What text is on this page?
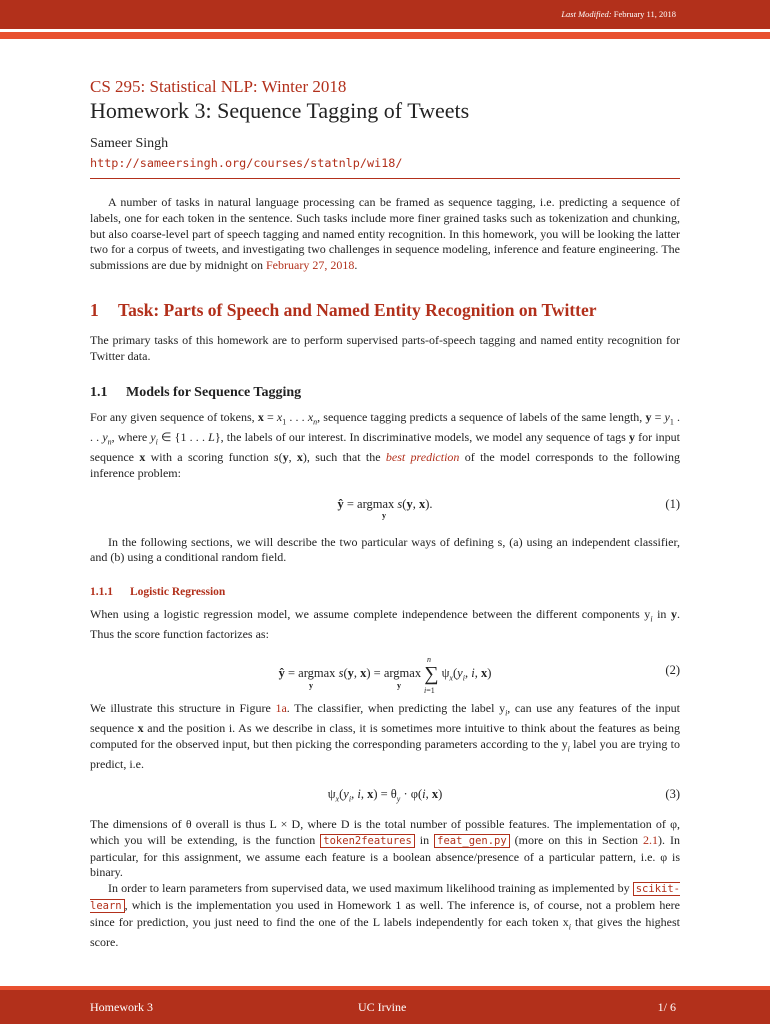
Last Modified: February 11, 2018
CS 295: Statistical NLP: Winter 2018
Homework 3: Sequence Tagging of Tweets
Sameer Singh
http://sameersingh.org/courses/statnlp/wi18/

A number of tasks in natural language processing can be framed as sequence tagging, i.e. predicting a sequence of labels, one for each token in the sentence. Such tasks include more finer grained tasks such as tokenization and chunking, but also coarse-level part of speech tagging and named entity recognition. In this homework, you will be looking the latter two for a corpus of tweets, and investigating two challenges in sequence modeling, inference and feature engineering. The submissions are due by midnight on February 27, 2018.

1 Task: Parts of Speech and Named Entity Recognition on Twitter

The primary tasks of this homework are to perform supervised parts-of-speech tagging and named entity recognition for Twitter data.

1.1 Models for Sequence Tagging

For any given sequence of tokens, $x = x_1$ . . . $x_n$, sequence tagging predicts a sequence of labels of the same length, $y = y_1$ . . . $y_n$, where $y_i$ ∈ {1 . . . L}, the labels of our interest. In discriminative models, we model any sequence of tags y for input sequence x with a scoring function s(y, x), such that the best prediction of the model corresponds to the following inference problem:

ŷ = argmax s(y, x).
y
(1)

In the following sections, we will describe the two particular ways of defining s, (a) using an independent classifier, and (b) using a conditional random field.

1.1.1 Logistic Regression

When using a logistic regression model, we assume complete independence between the different components $y_i$ in y. Thus the score function factorizes as:

ŷ = argmax s(y, x) = argmax ∑ $\psi_x(y_i$, i, x)
y	y
n
i=1
(2)

We illustrate this structure in Figure 1a. The classifier, when predicting the label $y_i$, can use any features of the input sequence x and the position i. As we describe in class, it is sometimes more intuitive to think about the features as being computed for the observed input, but then picking the corresponding parameters according to the $y_i$ label you are trying to predict, i.e.

$\psi_x(y_i$, i, $x) = \theta_y \cdot \varphi(i$, x)	(3)

The dimensions of θ overall is thus L × D, where D is the total number of possible features. The implementation of φ, which you will be extending, is the function token2features in feat_gen.py (more on this in Section 2.1). In particular, for this assignment, we assume each feature is a boolean absence/presence of a particular pattern, i.e. φ is binary.

In order to learn parameters from supervised data, we used maximum likelihood training as implemented by scikit-learn , which is the implementation you used in Homework 1 as well. The inference is, of course, not a problem here since for prediction, you just need to find the one of the L labels independently for each token $x_i$ that gives the highest score.

Homework 3	UC Irvine	1/ 6
